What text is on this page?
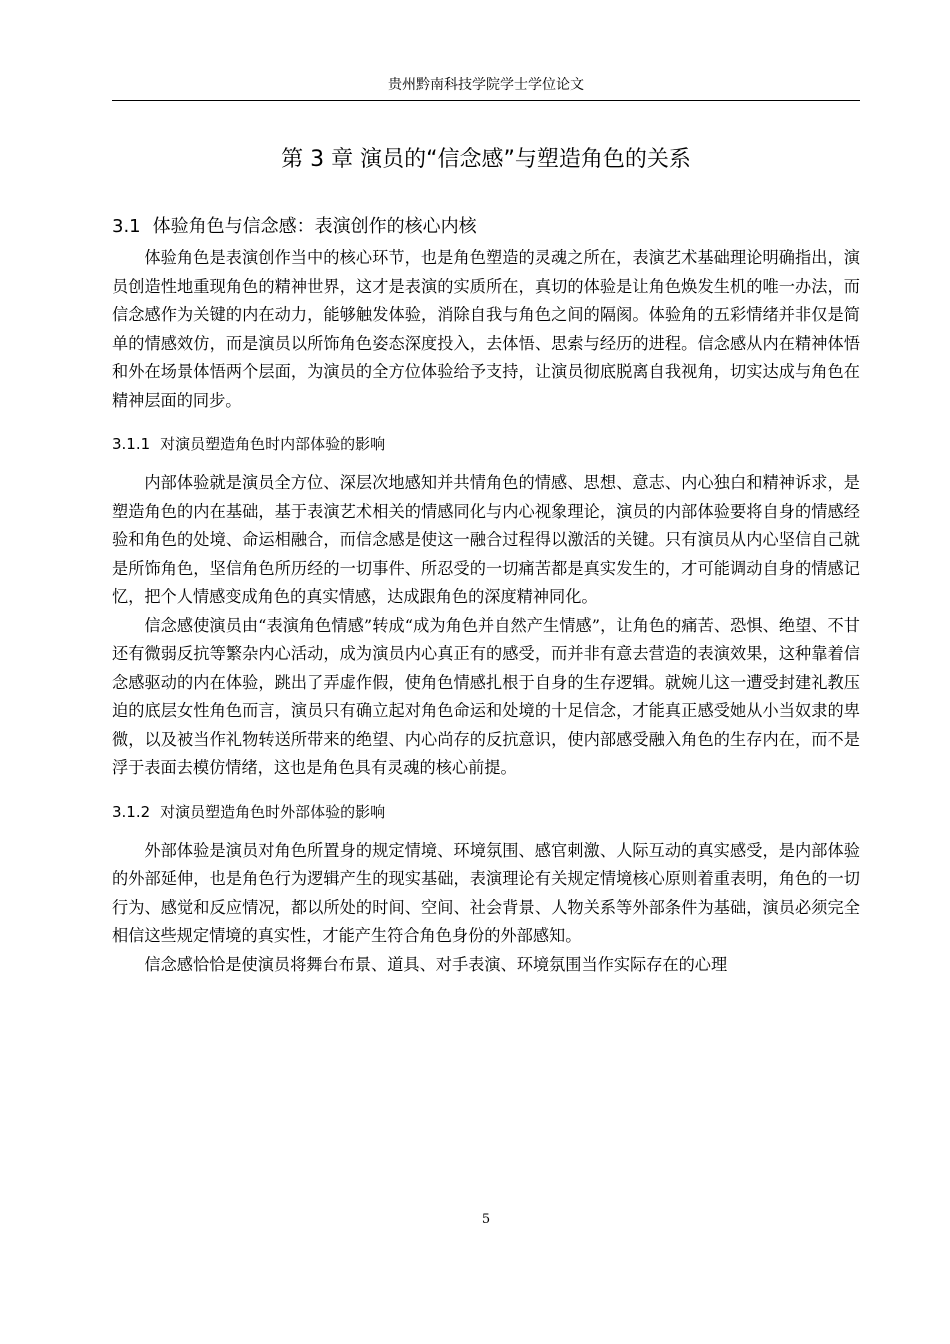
贵州黔南科技学院学士学位论文
第 3 章 演员的“信念感”与塑造角色的关系
3.1 体验角色与信念感：表演创作的核心内核

体验角色是表演创作当中的核心环节，也是角色塑造的灵魂之所在，表演艺术基础理论明确指出，演员创造性地重现角色的精神世界，这才是表演的实质所在，真切的体验是让角色焕发生机的唯一办法，而信念感作为关键的内在动力，能够触发体验，消除自我与角色之间的隔阂。体验角的五彩情绪并非仅是简单的情感效仿，而是演员以所饰角色姿态深度投入，去体悟、思索与经历的进程。信念感从内在精神体悟和外在场景体悟两个层面，为演员的全方位体验给予支持，让演员彻底脱离自我视角，切实达成与角色在精神层面的同步。

3.1.1 对演员塑造角色时内部体验的影响

内部体验就是演员全方位、深层次地感知并共情角色的情感、思想、意志、内心独白和精神诉求，是塑造角色的内在基础，基于表演艺术相关的情感同化与内心视象理论，演员的内部体验要将自身的情感经验和角色的处境、命运相融合，而信念感是使这一融合过程得以激活的关键。只有演员从内心坚信自己就是所饰角色，坚信角色所历经的一切事件、所忍受的一切痛苦都是真实发生的，才可能调动自身的情感记忆，把个人情感变成角色的真实情感，达成跟角色的深度精神同化。

信念感使演员由“表演角色情感”转成“成为角色并自然产生情感”，让角色的痛苦、恐惧、绝望、不甘还有微弱反抗等繁杂内心活动，成为演员内心真正有的感受，而并非有意去营造的表演效果，这种靠着信念感驱动的内在体验，跳出了弄虚作假，使角色情感扎根于自身的生存逻辑。就婉儿这一遭受封建礼教压迫的底层女性角色而言，演员只有确立起对角色命运和处境的十足信念，才能真正感受她从小当奴隶的卑微，以及被当作礼物转送所带来的绝望、内心尚存的反抗意识，使内部感受融入角色的生存内在，而不是浮于表面去模仿情绪，这也是角色具有灵魂的核心前提。

3.1.2 对演员塑造角色时外部体验的影响

外部体验是演员对角色所置身的规定情境、环境氛围、感官刺激、人际互动的真实感受，是内部体验的外部延伸，也是角色行为逻辑产生的现实基础，表演理论有关规定情境核心原则着重表明，角色的一切行为、感觉和反应情况，都以所处的时间、空间、社会背景、人物关系等外部条件为基础，演员必须完全相信这些规定情境的真实性，才能产生符合角色身份的外部感知。

信念感恰恰是使演员将舞台布景、道具、对手表演、环境氛围当作实际存在的心理

5
